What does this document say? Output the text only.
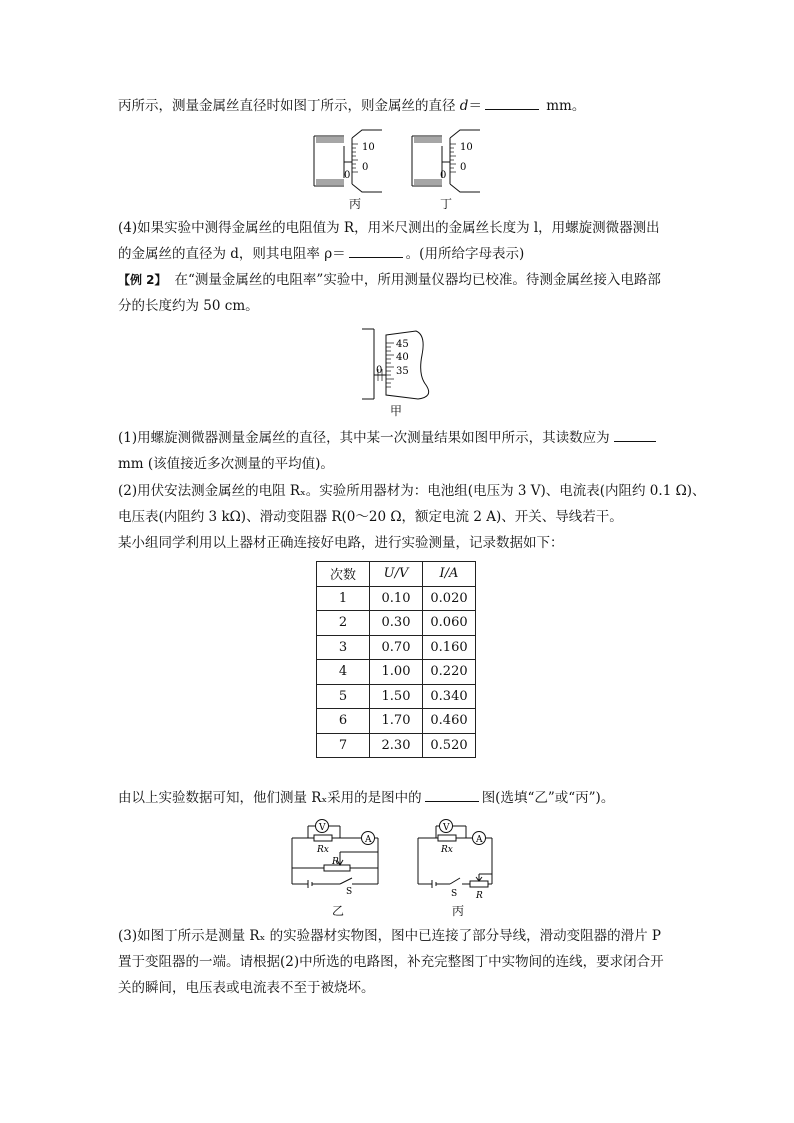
丙所示，测量金属丝直径时如图丁所示，则金属丝的直径 d＝	mm。
10
0
0
10
0
0
丙	丁
(4)如果实验中测得金属丝的电阻值为 R，用米尺测出的金属丝长度为 l，用螺旋测微器测出
的金属丝的直径为 d，则其电阻率 ρ＝	。(用所给字母表示)
【例 2】 在“测量金属丝的电阻率”实验中，所用测量仪器均已校准。待测金属丝接入电路部
分的长度约为 50 cm。
45
40
35
0
甲
(1)用螺旋测微器测量金属丝的直径，其中某一次测量结果如图甲所示，其读数应为
mm (该值接近多次测量的平均值)。
(2)用伏安法测金属丝的电阻 Rₓ。实验所用器材为：电池组(电压为 3 V)、电流表(内阻约 0.1 Ω)、
电压表(内阻约 3 kΩ)、滑动变阻器 R(0～20 Ω，额定电流 2 A)、开关、导线若干。
某小组同学利用以上器材正确连接好电路，进行实验测量，记录数据如下：
次数	U/V	I/A
1	0.10	0.020
2	0.30	0.060
3	0.70	0.160
4	1.00	0.220
5	1.50	0.340
6	1.70	0.460
7	2.30	0.520
由以上实验数据可知，他们测量 Rₓ采用的是图中的	图(选填“乙”或“丙”)。
V
A
Rx
R
S
V
A
Rx
S R
乙	丙
(3)如图丁所示是测量 Rₓ 的实验器材实物图，图中已连接了部分导线，滑动变阻器的滑片 P
置于变阻器的一端。请根据(2)中所选的电路图，补充完整图丁中实物间的连线，要求闭合开
关的瞬间，电压表或电流表不至于被烧坏。
